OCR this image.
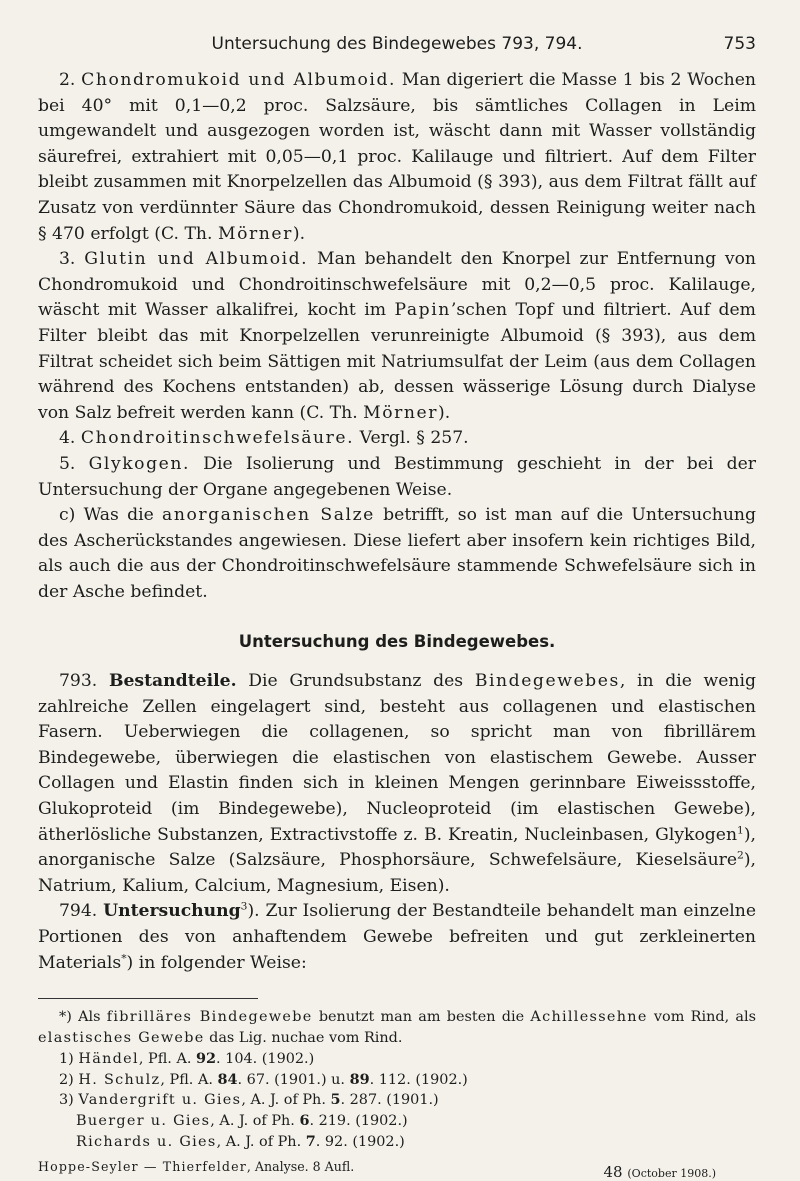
Untersuchung des Bindegewebes 793, 794.	753

2. Chondromukoid und Albumoid. Man digeriert die Masse 1 bis 2 Wochen bei 40° mit 0,1—0,2 proc. Salzsäure, bis sämtliches Collagen in Leim umgewandelt und ausgezogen worden ist, wäscht dann mit Wasser vollständig säurefrei, extrahiert mit 0,05—0,1 proc. Kalilauge und filtriert. Auf dem Filter bleibt zusammen mit Knorpelzellen das Albumoid (§ 393), aus dem Filtrat fällt auf Zusatz von verdünnter Säure das Chondromukoid, dessen Reinigung weiter nach § 470 erfolgt (C. Th. Mörner).

3. Glutin und Albumoid. Man behandelt den Knorpel zur Entfernung von Chondromukoid und Chondroitinschwefelsäure mit 0,2—0,5 proc. Kalilauge, wäscht mit Wasser alkalifrei, kocht im Papin’schen Topf und filtriert. Auf dem Filter bleibt das mit Knorpelzellen verunreinigte Albumoid (§ 393), aus dem Filtrat scheidet sich beim Sättigen mit Natriumsulfat der Leim (aus dem Collagen während des Kochens entstanden) ab, dessen wässerige Lösung durch Dialyse von Salz befreit werden kann (C. Th. Mörner).

4. Chondroitinschwefelsäure. Vergl. § 257.

5. Glykogen. Die Isolierung und Bestimmung geschieht in der bei der Untersuchung der Organe angegebenen Weise.

c) Was die anorganischen Salze betrifft, so ist man auf die Untersuchung des Ascherückstandes angewiesen. Diese liefert aber insofern kein richtiges Bild, als auch die aus der Chondroitinschwefelsäure stammende Schwefelsäure sich in der Asche befindet.

Untersuchung des Bindegewebes.

793. Bestandteile. Die Grundsubstanz des Bindegewebes, in die wenig zahlreiche Zellen eingelagert sind, besteht aus collagenen und elastischen Fasern. Ueberwiegen die collagenen, so spricht man von fibrillärem Bindegewebe, überwiegen die elastischen von elastischem Gewebe. Ausser Collagen und Elastin finden sich in kleinen Mengen gerinnbare Eiweissstoffe, Glukoproteid (im Bindegewebe), Nucleoproteid (im elastischen Gewebe), ätherlösliche Substanzen, Extractivstoffe z. B. Kreatin, Nucleinbasen, Glykogen$^1$), anorganische Salze (Salzsäure, Phosphorsäure, Schwefelsäure, Kieselsäure$^2$), Natrium, Kalium, Calcium, Magnesium, Eisen).

794. Untersuchung$^3$). Zur Isolierung der Bestandteile behandelt man einzelne Portionen des von anhaftendem Gewebe befreiten und gut zerkleinerten Materials*) in folgender Weise:

*) Als fibrilläres Bindegewebe benutzt man am besten die Achillessehne vom Rind, als elastisches Gewebe das Lig. nuchae vom Rind.

1) Händel, Pfl. A. 92. 104. (1902.)

2) H. Schulz, Pfl. A. 84. 67. (1901.) u. 89. 112. (1902.)

3) Vandergrift u. Gies, A. J. of Ph. 5. 287. (1901.)

Buerger u. Gies, A. J. of Ph. 6. 219. (1902.)

Richards u. Gies, A. J. of Ph. 7. 92. (1902.)

Hoppe-Seyler — Thierfelder, Analyse. 8 Aufl.	48 (October 1908.)
